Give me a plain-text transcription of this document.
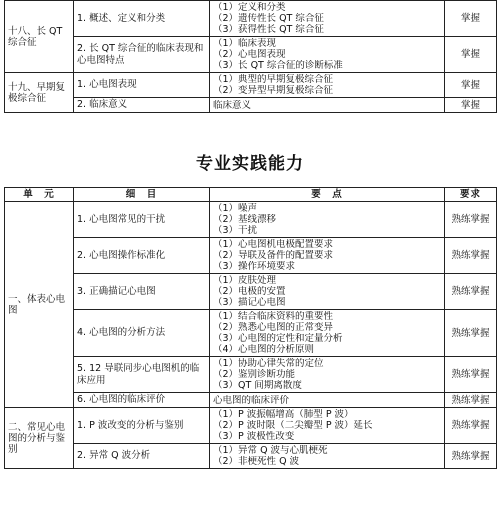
十八、长 QT 综合征	1. 概述、定义和分类	（1）定义和分类
（2）遗传性长 QT 综合征
（3）获得性长 QT 综合征	掌握
	2. 长 QT 综合征的临床表现和心电图特点	（1）临床表现
（2）心电图表现
（3）长 QT 综合征的诊断标准	掌握
十九、早期复极综合征	1. 心电图表现	（1）典型的早期复极综合征
（2）变异型早期复极综合征	掌握
	2. 临床意义	临床意义	掌握
专业实践能力
单　元	细　目	要　点	要求
一、体表心电图	1. 心电图常见的干扰	（1）噪声
（2）基线漂移
（3）干扰	熟练掌握
	2. 心电图操作标准化	（1）心电图机电极配置要求
（2）导联及备件的配置要求
（3）操作环境要求	熟练掌握
	3. 正确描记心电图	（1）皮肤处理
（2）电极的安置
（3）描记心电图	熟练掌握
	4. 心电图的分析方法	（1）结合临床资料的重要性
（2）熟悉心电图的正常变异
（3）心电图的定性和定量分析
（4）心电图的分析原则	熟练掌握
	5. 12 导联同步心电图机的临床应用	（1）协助心律失常的定位
（2）鉴别诊断功能
（3）QT 间期离散度	熟练掌握
	6. 心电图的临床评价	心电图的临床评价	熟练掌握
二、常见心电图的分析与鉴别	1. P 波改变的分析与鉴别	（1）P 波振幅增高（肺型 P 波）
（2）P 波时限（二尖瓣型 P 波）延长
（3）P 波极性改变	熟练掌握
	2. 异常 Q 波分析	（1）异常 Q 波与心肌梗死
（2）非梗死性 Q 波	熟练掌握
